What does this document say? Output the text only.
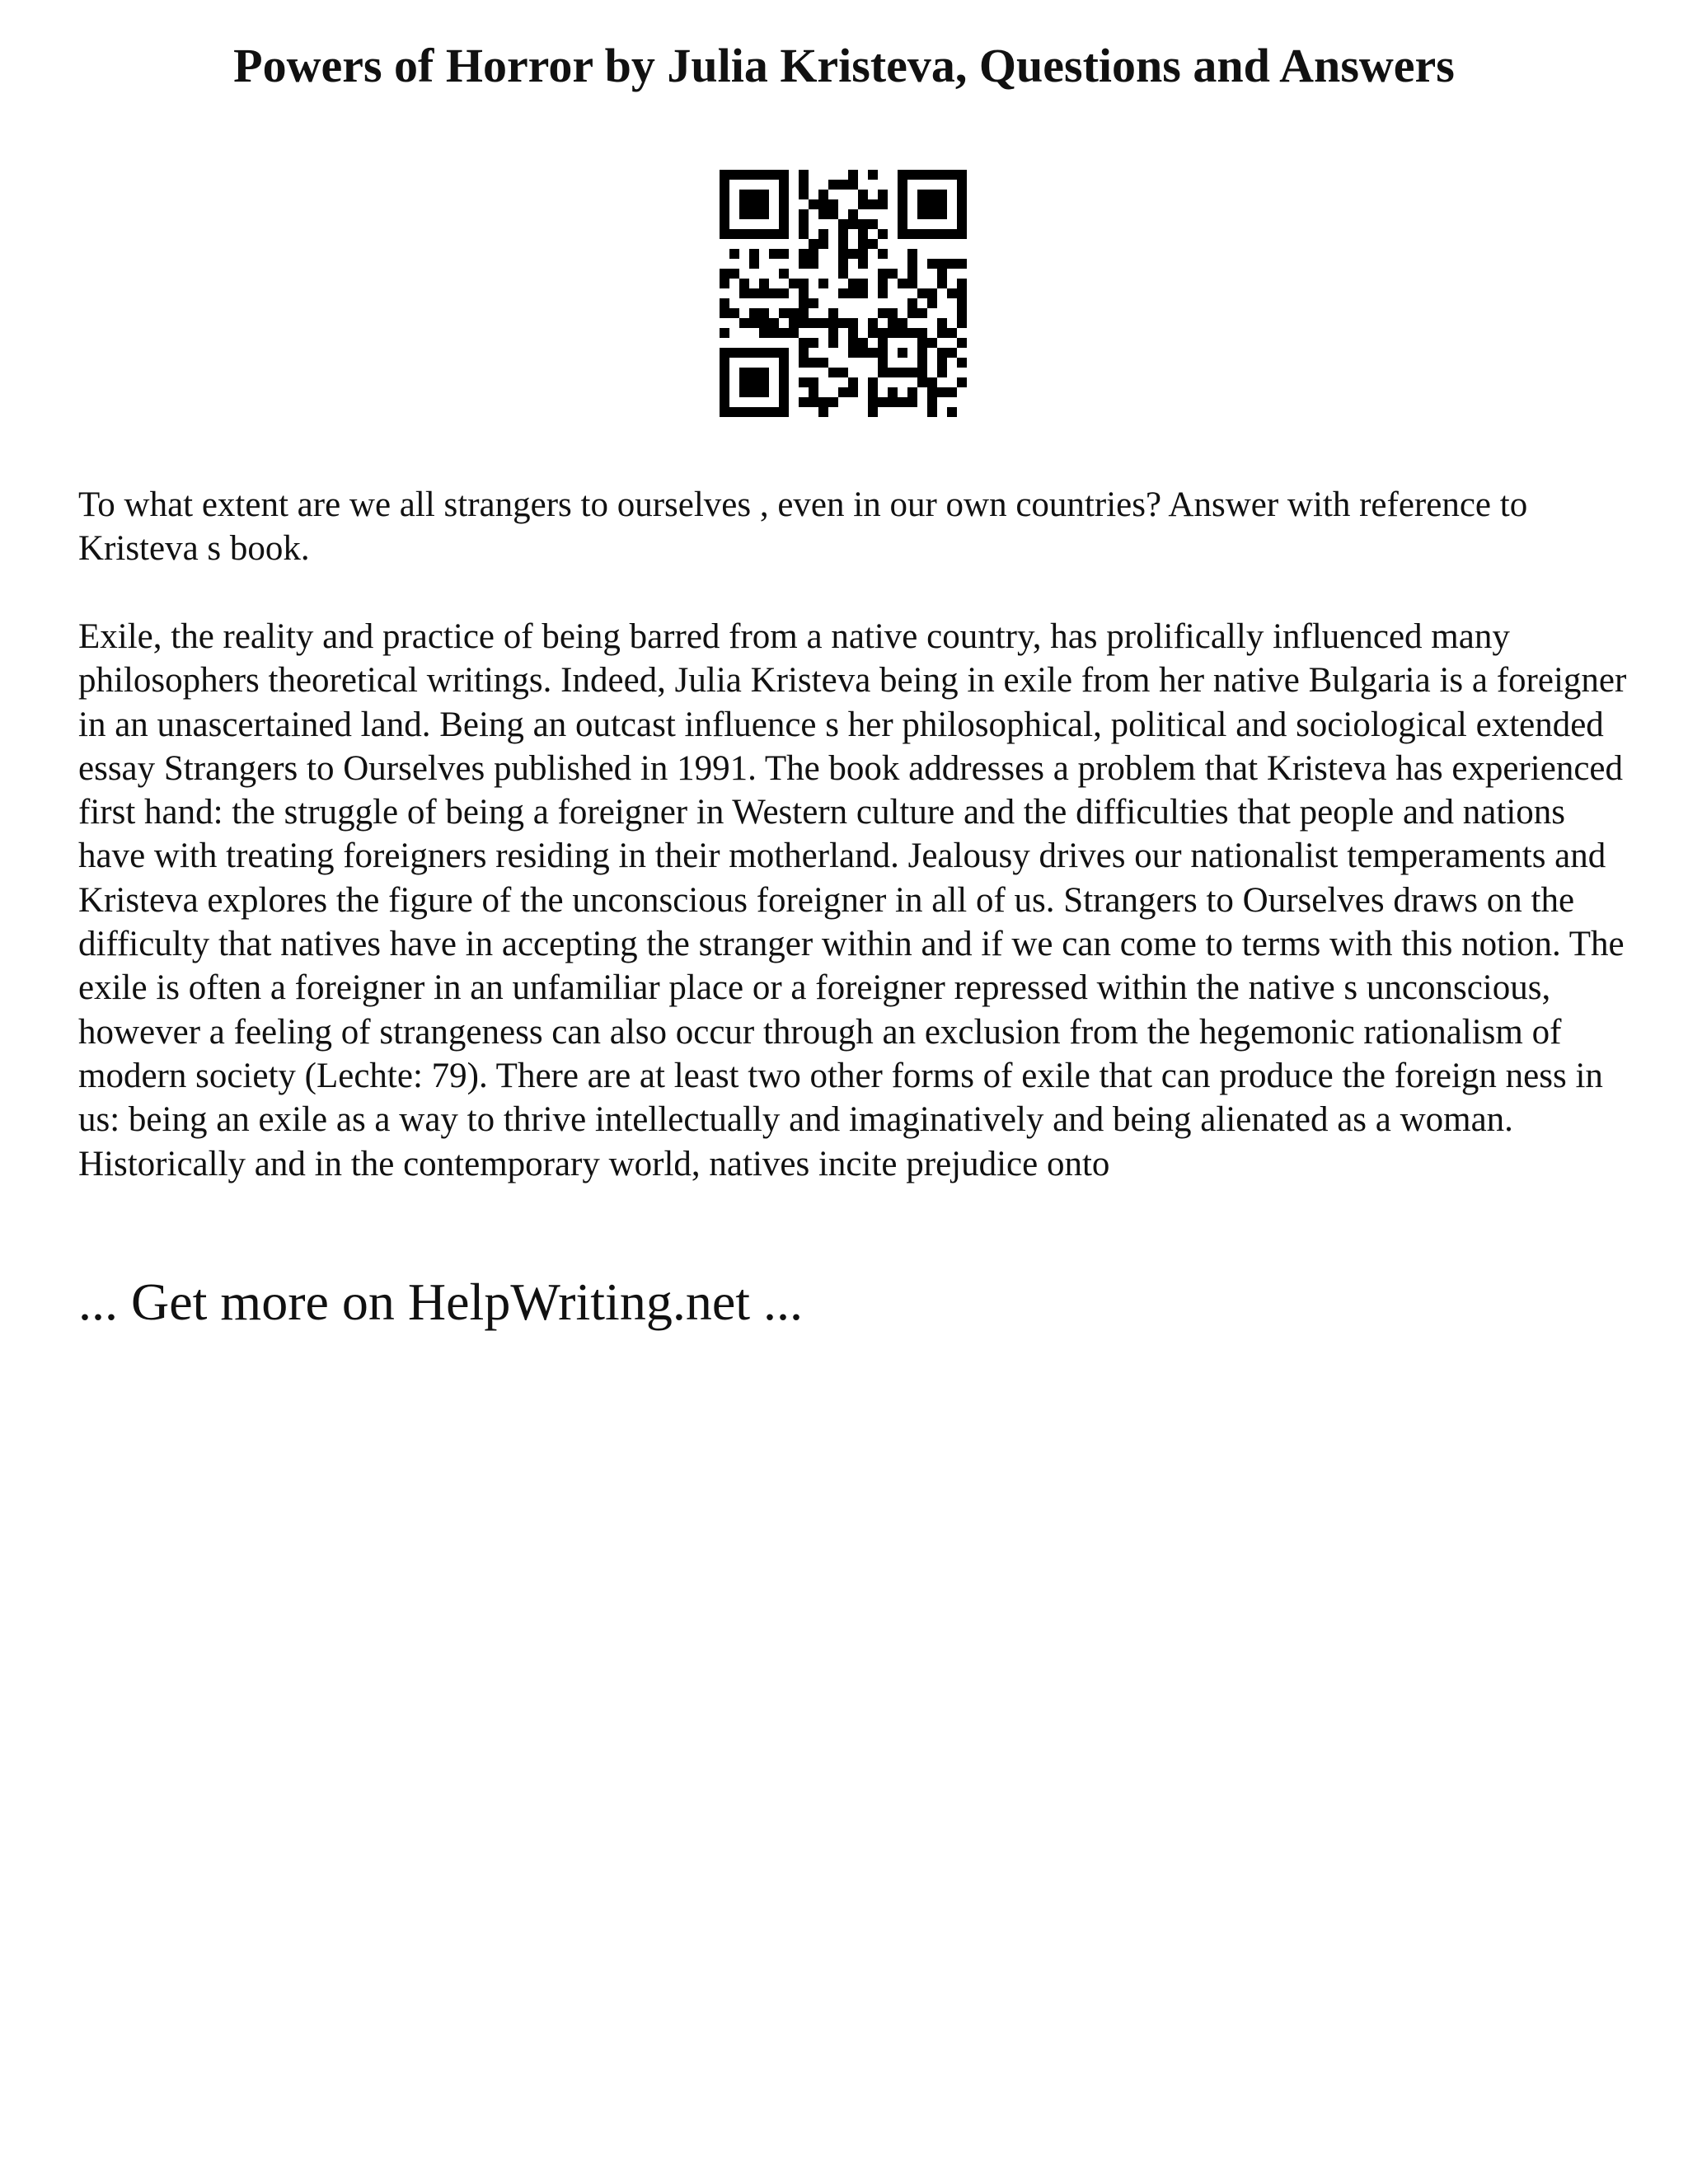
Powers of Horror by Julia Kristeva, Questions and Answers

To what extent are we all strangers to ourselves , even in our own countries? Answer with reference to Kristeva s book.

Exile, the reality and practice of being barred from a native country, has prolifically influenced many philosophers theoretical writings. Indeed, Julia Kristeva being in exile from her native Bulgaria is a foreigner in an unascertained land. Being an outcast influence s her philosophical, political and sociological extended essay Strangers to Ourselves published in 1991. The book addresses a problem that Kristeva has experienced first hand: the struggle of being a foreigner in Western culture and the difficulties that people and nations have with treating foreigners residing in their motherland. Jealousy drives our nationalist temperaments and Kristeva explores the figure of the unconscious foreigner in all of us. Strangers to Ourselves draws on the difficulty that natives have in accepting the stranger within and if we can come to terms with this notion. The exile is often a foreigner in an unfamiliar place or a foreigner repressed within the native s unconscious, however a feeling of strangeness can also occur through an exclusion from the hegemonic rationalism of modern society (Lechte: 79). There are at least two other forms of exile that can produce the foreign ness in us: being an exile as a way to thrive intellectually and imaginatively and being alienated as a woman. Historically and in the contemporary world, natives incite prejudice onto

... Get more on HelpWriting.net ...
